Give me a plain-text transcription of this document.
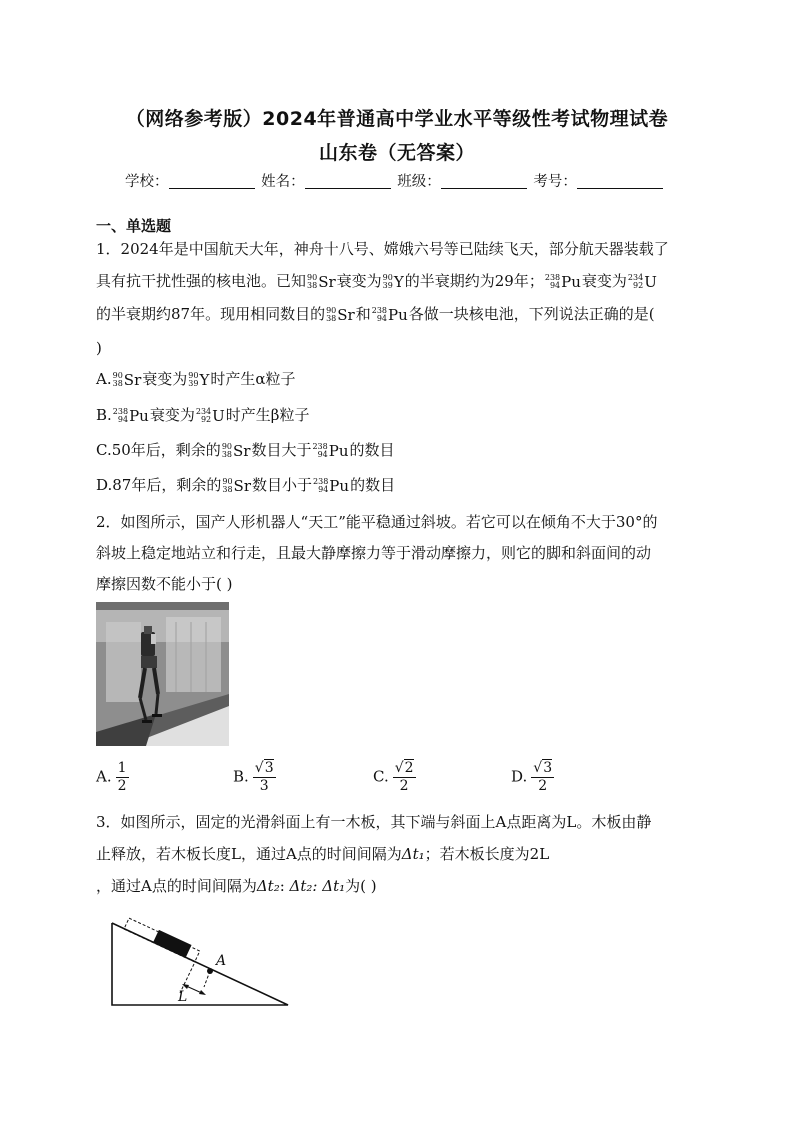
（网络参考版）2024年普通高中学业水平等级性考试物理试卷
山东卷（无答案）
学校：	姓名：	班级：	考号：
一、单选题
1．2024年是中国航天大年，神舟十八号、嫦娥六号等已陆续飞天，部分航天器装载了
具有抗干扰性强的核电池。已知 90
38 Sr 衰变为 90
39 Y 的半衰期约为29年； 238
94 Pu 衰变为 234
92 U
的半衰期约87年。现用相同数目的 90
38 Sr 和 238
94 Pu 各做一块核电池，下列说法正确的是(
)
A. 90
38 Sr 衰变为 90
39 Y 时产生α粒子
B. 238
94 Pu 衰变为 234
92 U 时产生β粒子
C.50年后，剩余的 90
38 Sr 数目大于 238
94 Pu 的数目
D.87年后，剩余的 90
38 Sr 数目小于 238
94 Pu 的数目
2．如图所示，国产人形机器人“天工”能平稳通过斜坡。若它可以在倾角不大于30°的
斜坡上稳定地站立和行走，且最大静摩擦力等于滑动摩擦力，则它的脚和斜面间的动
摩擦因数不能小于( )
A. $\frac{1}{2}$	B. $\frac{√3}{3}$	C. $\frac{√2}{2}$	D. $\frac{√3}{2}$
3．如图所示，固定的光滑斜面上有一木板，其下端与斜面上A点距离为L。木板由静
止释放，若木板长度L，通过A点的时间间隔为Δt₁；若木板长度为2L
，通过A点的时间间隔为Δt₂: Δt₂: Δt₁为( )
A
L
